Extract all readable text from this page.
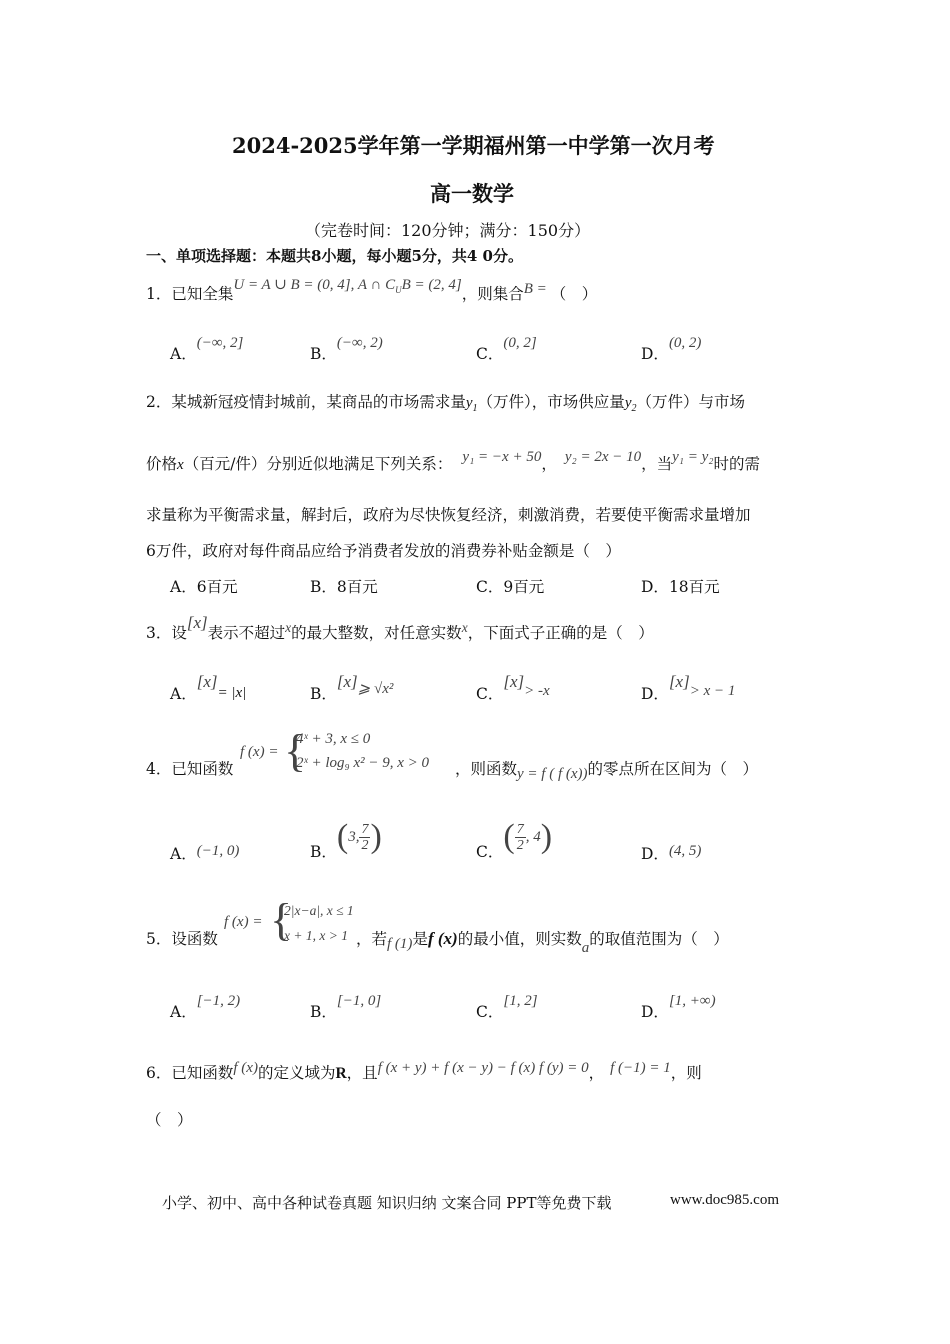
2024-2025学年第一学期福州第一中学第一次月考
高一数学
（完卷时间：120分钟；满分：150分）
一、单项选择题：本题共8小题，每小题5分，共4 0分。
1．已知全集U = A ∪ B = (0, 4], A ∩ $C_UB = (2$, 4]，则集合B = （　）
A．(−∞, 2]
B．(−∞, 2)
C．(0, 2]
D．(0, 2)
2．某城新冠疫情封城前，某商品的市场需求量$y_1$（万件），市场供应量$y_2$（万件）与市场
价格x（百元/件）分别近似地满足下列关系： y₁ = −x + 50， y₂ = 2x − 10，当y₁ = y₂时的需
求量称为平衡需求量，解封后，政府为尽快恢复经济，刺激消费，若要使平衡需求量增加
6万件，政府对每件商品应给予消费者发放的消费券补贴金额是（　）
A．6百元	B．8百元	C．9百元	D．18百元
3．设[x]表示不超过x的最大整数，对任意实数x，下面式子正确的是（　）
A．[x]= |x|	B．[x]⩾ √x²	C．[x]> -x	D．[x]> x − 1
4．已知函数
f (x) = {
4ˣ + 3, x ≤ 0
2ˣ + log₉ x² − 9, x > 0 ，则函数y = f ( f (x))的零点所在区间为（　）
A．(−1, 0)	B．(3, $\frac{7}{2}$ )	C．( $\frac{7}{2}$ , 4)	D．(4, 5)
5．设函数
f (x) = {
2|x−a|, x ≤ 1
x + 1, x > 1 ，若f (1)是f (x)的最小值，则实数a的取值范围为（　）
A．[−1, 2)
B．[−1, 0]
C．[1, 2]
D．[1, +∞)
6．已知函数f (x)的定义域为R，且f (x + y) + f (x − y) − f (x) f (y) = 0， f (−1) = 1，则
（　）
小学、初中、高中各种试卷真题 知识归纳 文案合同 PPT等免费下载	www.doc985.com
